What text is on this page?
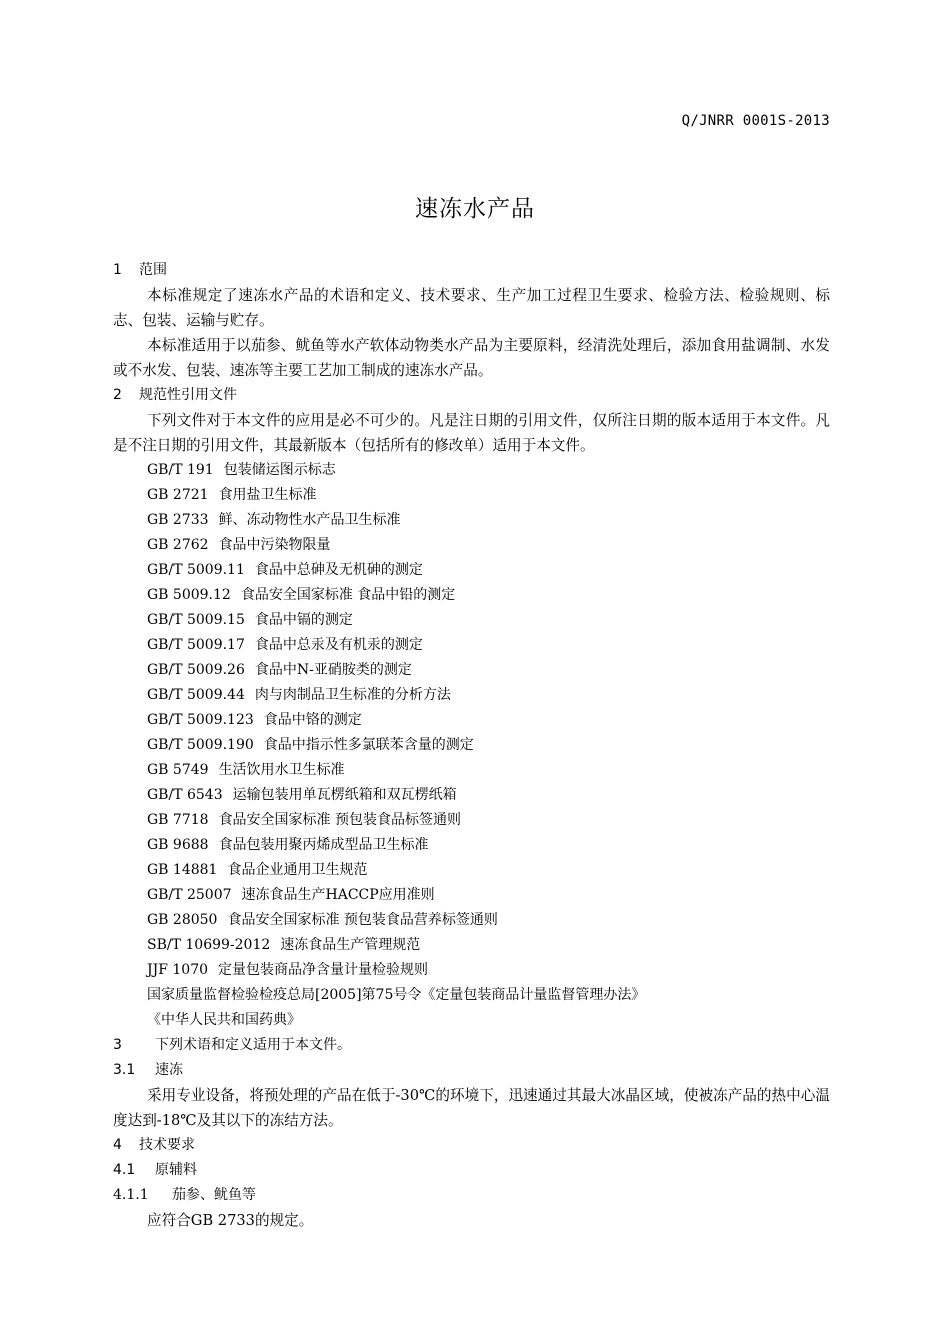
Q/JNRR 0001S-2013
速冻水产品
1 范围

本标准规定了速冻水产品的术语和定义、技术要求、生产加工过程卫生要求、检验方法、检验规则、标志、包装、运输与贮存。

本标准适用于以茄参、鱿鱼等水产软体动物类水产品为主要原料，经清洗处理后，添加食用盐调制、水发或不水发、包装、速冻等主要工艺加工制成的速冻水产品。

2 规范性引用文件

下列文件对于本文件的应用是必不可少的。凡是注日期的引用文件，仅所注日期的版本适用于本文件。凡是不注日期的引用文件，其最新版本（包括所有的修改单）适用于本文件。

GB/T 191 包装储运图示标志
GB 2721 食用盐卫生标准
GB 2733 鲜、冻动物性水产品卫生标准
GB 2762 食品中污染物限量
GB/T 5009.11 食品中总砷及无机砷的测定
GB 5009.12 食品安全国家标准 食品中铅的测定
GB/T 5009.15 食品中镉的测定
GB/T 5009.17 食品中总汞及有机汞的测定
GB/T 5009.26 食品中N-亚硝胺类的测定
GB/T 5009.44 肉与肉制品卫生标准的分析方法
GB/T 5009.123 食品中铬的测定
GB/T 5009.190 食品中指示性多氯联苯含量的测定
GB 5749 生活饮用水卫生标准
GB/T 6543 运输包装用单瓦楞纸箱和双瓦楞纸箱
GB 7718 食品安全国家标准 预包装食品标签通则
GB 9688 食品包装用聚丙烯成型品卫生标准
GB 14881 食品企业通用卫生规范
GB/T 25007 速冻食品生产HACCP应用准则
GB 28050 食品安全国家标准 预包装食品营养标签通则
SB/T 10699-2012 速冻食品生产管理规范
JJF 1070 定量包装商品净含量计量检验规则
国家质量监督检验检疫总局[2005]第75号令《定量包装商品计量监督管理办法》
《中华人民共和国药典》
3 下列术语和定义适用于本文件。
3.1 速冻

采用专业设备，将预处理的产品在低于-30℃的环境下，迅速通过其最大冰晶区域，使被冻产品的热中心温度达到-18℃及其以下的冻结方法。

4 技术要求
4.1 原辅料
4.1.1 茄参、鱿鱼等

应符合GB 2733的规定。
